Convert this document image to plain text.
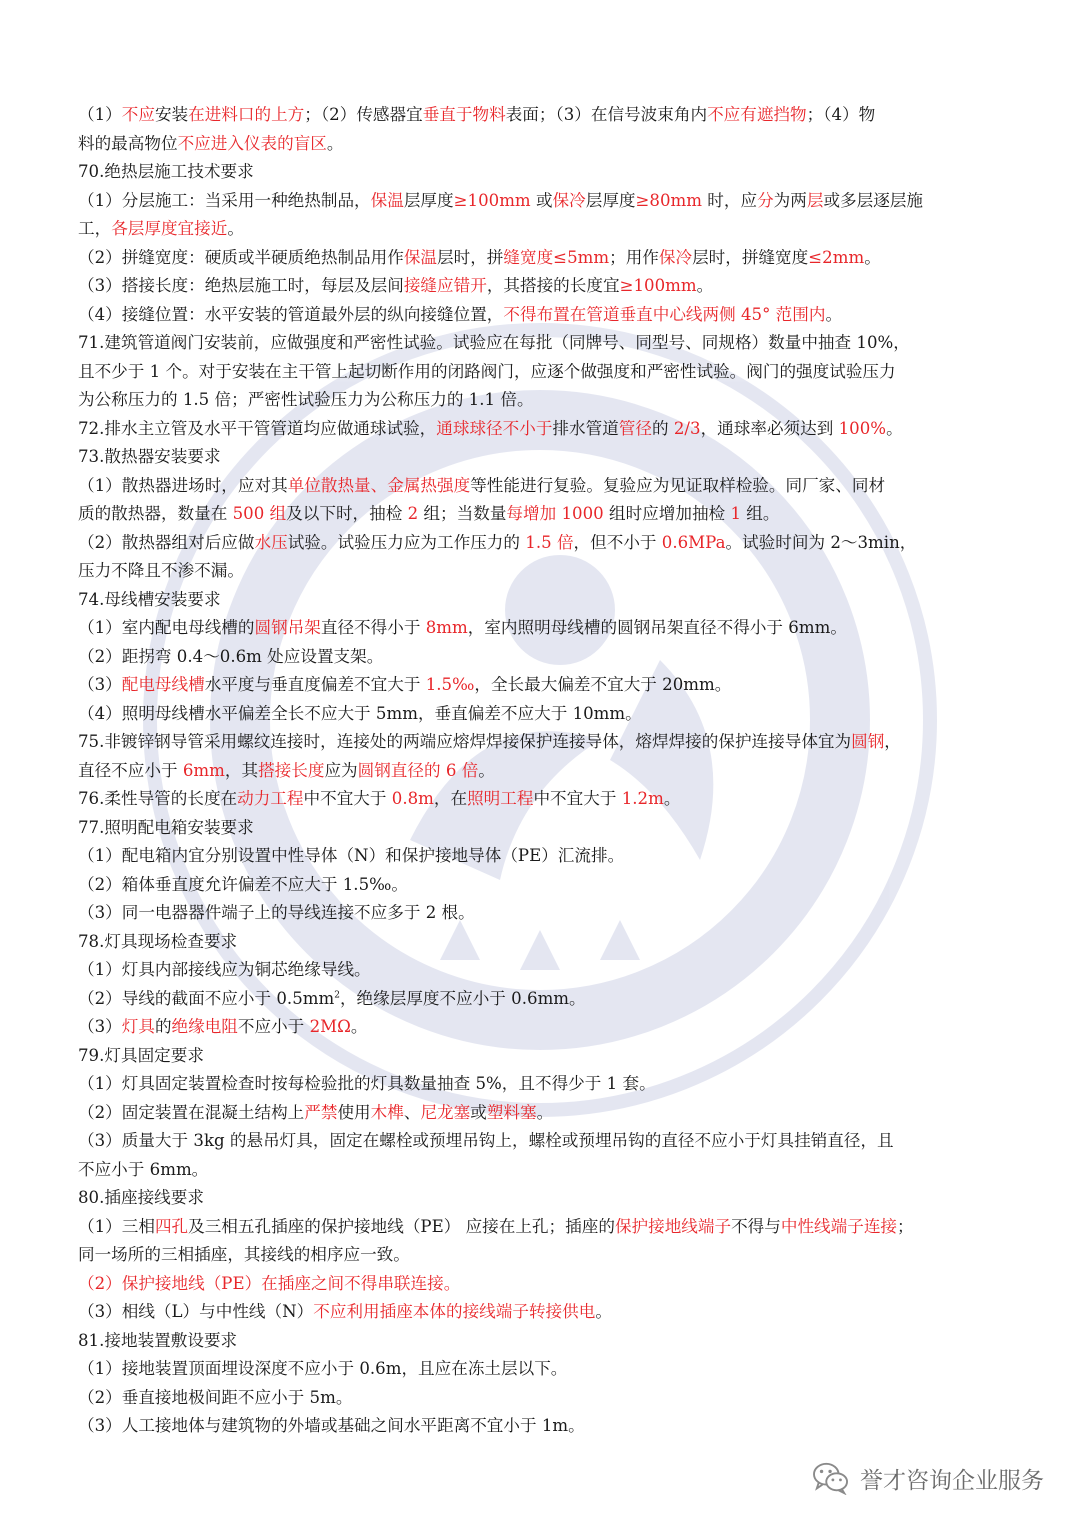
（1）不应安装在进料口的上方；（2）传感器宜垂直于物料表面；（3）在信号波束角内不应有遮挡物；（4）物
料的最高物位不应进入仪表的盲区。
70.绝热层施工技术要求
（1）分层施工：当采用一种绝热制品，保温层厚度≥100mm 或保冷层厚度≥80mm 时，应分为两层或多层逐层施
工，各层厚度宜接近。
（2）拼缝宽度：硬质或半硬质绝热制品用作保温层时，拼缝宽度≤5mm；用作保冷层时，拼缝宽度≤2mm。
（3）搭接长度：绝热层施工时，每层及层间接缝应错开，其搭接的长度宜≥100mm。
（4）接缝位置：水平安装的管道最外层的纵向接缝位置，不得布置在管道垂直中心线两侧 45° 范围内。
71.建筑管道阀门安装前，应做强度和严密性试验。试验应在每批（同牌号、同型号、同规格）数量中抽查 10%，
且不少于 1 个。对于安装在主干管上起切断作用的闭路阀门，应逐个做强度和严密性试验。阀门的强度试验压力
为公称压力的 1.5 倍；严密性试验压力为公称压力的 1.1 倍。
72.排水主立管及水平干管管道均应做通球试验，通球球径不小于排水管道管径的 2/3，通球率必须达到 100%。
73.散热器安装要求
（1）散热器进场时，应对其单位散热量、金属热强度等性能进行复验。复验应为见证取样检验。同厂家、同材
质的散热器，数量在 500 组及以下时，抽检 2 组；当数量每增加 1000 组时应增加抽检 1 组。
（2）散热器组对后应做水压试验。试验压力应为工作压力的 1.5 倍，但不小于 0.6MPa。试验时间为 2～3min，
压力不降且不渗不漏。
74.母线槽安装要求
（1）室内配电母线槽的圆钢吊架直径不得小于 8mm，室内照明母线槽的圆钢吊架直径不得小于 6mm。
（2）距拐弯 0.4～0.6m 处应设置支架。
（3）配电母线槽水平度与垂直度偏差不宜大于 1.5‰，全长最大偏差不宜大于 20mm。
（4）照明母线槽水平偏差全长不应大于 5mm，垂直偏差不应大于 10mm。
75.非镀锌钢导管采用螺纹连接时，连接处的两端应熔焊焊接保护连接导体，熔焊焊接的保护连接导体宜为圆钢，
直径不应小于 6mm，其搭接长度应为圆钢直径的 6 倍。
76.柔性导管的长度在动力工程中不宜大于 0.8m，在照明工程中不宜大于 1.2m。
77.照明配电箱安装要求
（1）配电箱内宜分别设置中性导体（N）和保护接地导体（PE）汇流排。
（2）箱体垂直度允许偏差不应大于 1.5‰。
（3）同一电器器件端子上的导线连接不应多于 2 根。
78.灯具现场检查要求
（1）灯具内部接线应为铜芯绝缘导线。
（2）导线的截面不应小于 $0.5mm^2$，绝缘层厚度不应小于 0.6mm。
（3）灯具的绝缘电阻不应小于 2MΩ。
79.灯具固定要求
（1）灯具固定装置检查时按每检验批的灯具数量抽查 5%，且不得少于 1 套。
（2）固定装置在混凝土结构上严禁使用木榫、尼龙塞或塑料塞。
（3）质量大于 3kg 的悬吊灯具，固定在螺栓或预埋吊钩上，螺栓或预埋吊钩的直径不应小于灯具挂销直径，且
不应小于 6mm。
80.插座接线要求
（1）三相四孔及三相五孔插座的保护接地线（PE） 应接在上孔；插座的保护接地线端子不得与中性线端子连接；
同一场所的三相插座，其接线的相序应一致。
（2）保护接地线（PE）在插座之间不得串联连接。
（3）相线（L）与中性线（N）不应利用插座本体的接线端子转接供电。
81.接地装置敷设要求
（1）接地装置顶面埋设深度不应小于 0.6m，且应在冻土层以下。
（2）垂直接地极间距不应小于 5m。
（3）人工接地体与建筑物的外墙或基础之间水平距离不宜小于 1m。
誉才咨询企业服务
